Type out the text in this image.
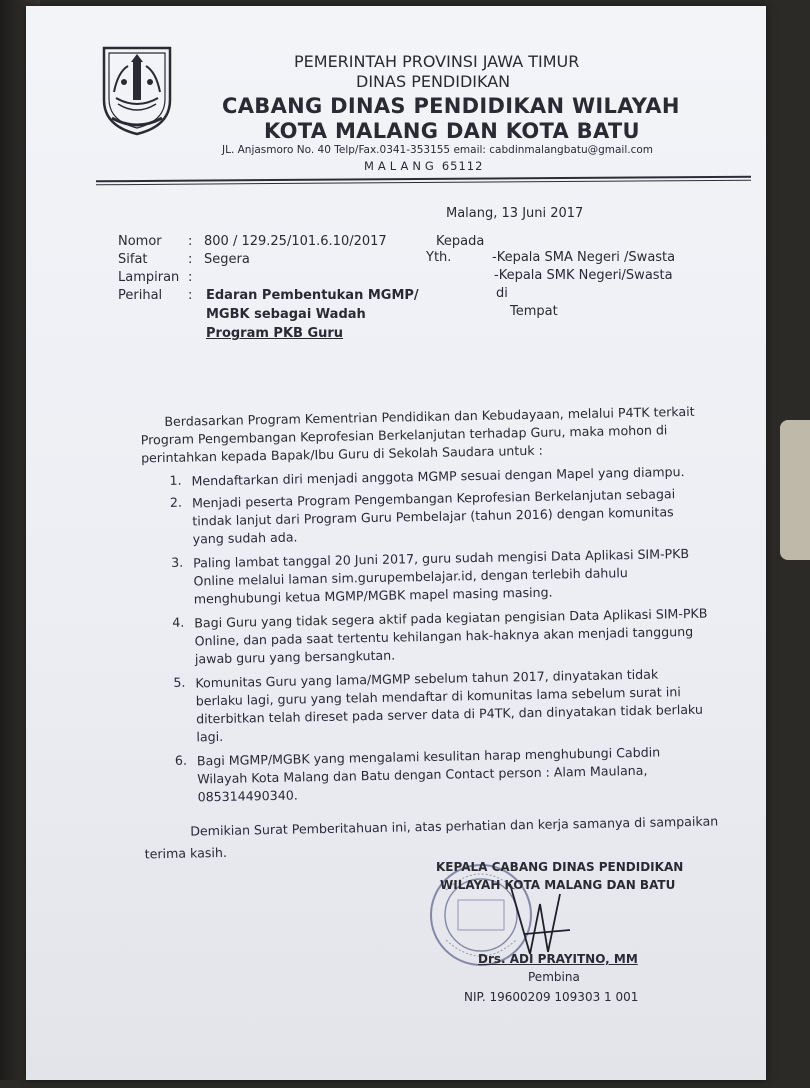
PEMERINTAH PROVINSI JAWA TIMUR
DINAS PENDIDIKAN
CABANG DINAS PENDIDIKAN WILAYAH
KOTA MALANG DAN KOTA BATU
JL. Anjasmoro No. 40 Telp/Fax.0341-353155 email: cabdinmalangbatu@gmail.com
MALANG 65112
Malang, 13 Juni 2017
Kepada
Yth.	-Kepala SMA Negeri /Swasta
-Kepala SMK Negeri/Swasta
di
Tempat
Nomor : 800 / 129.25/101.6.10/2017
Sifat	: Segera
Lampiran :
Perihal : Edaran Pembentukan MGMP/
MGBK sebagai Wadah
Program PKB Guru
Berdasarkan Program Kementrian Pendidikan dan Kebudayaan, melalui P4TK terkait
Program Pengembangan Keprofesian Berkelanjutan terhadap Guru, maka mohon di
perintahkan kepada Bapak/Ibu Guru di Sekolah Saudara untuk :
1. Mendaftarkan diri menjadi anggota MGMP sesuai dengan Mapel yang diampu.
2. Menjadi peserta Program Pengembangan Keprofesian Berkelanjutan sebagai
tindak lanjut dari Program Guru Pembelajar (tahun 2016) dengan komunitas
yang sudah ada.
3. Paling lambat tanggal 20 Juni 2017, guru sudah mengisi Data Aplikasi SIM-PKB
Online melalui laman sim.gurupembelajar.id, dengan terlebih dahulu
menghubungi ketua MGMP/MGBK mapel masing masing.
4. Bagi Guru yang tidak segera aktif pada kegiatan pengisian Data Aplikasi SIM-PKB
Online, dan pada saat tertentu kehilangan hak-haknya akan menjadi tanggung
jawab guru yang bersangkutan.
5. Komunitas Guru yang lama/MGMP sebelum tahun 2017, dinyatakan tidak
berlaku lagi, guru yang telah mendaftar di komunitas lama sebelum surat ini
diterbitkan telah direset pada server data di P4TK, dan dinyatakan tidak berlaku
lagi.
6. Bagi MGMP/MGBK yang mengalami kesulitan harap menghubungi Cabdin
Wilayah Kota Malang dan Batu dengan Contact person : Alam Maulana,
085314490340.
Demikian Surat Pemberitahuan ini, atas perhatian dan kerja samanya di sampaikan
terima kasih.
KEPALA CABANG DINAS PENDIDIKAN
WILAYAH KOTA MALANG DAN BATU
Drs. ADI PRAYITNO, MM
Pembina
NIP. 19600209 109303 1 001
